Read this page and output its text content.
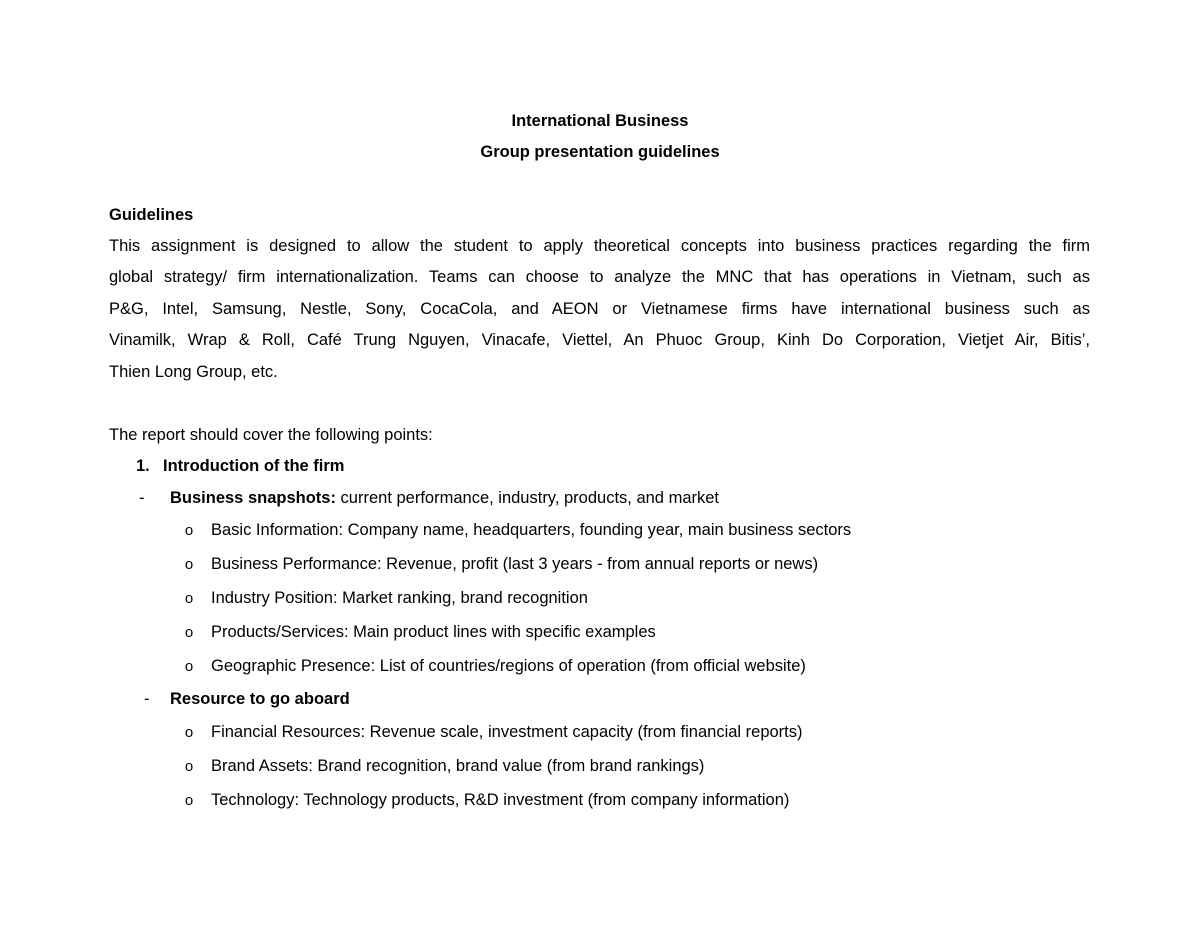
International Business
Group presentation guidelines
Guidelines
This assignment is designed to allow the student to apply theoretical concepts into business practices regarding the firm
global strategy/ firm internationalization. Teams can choose to analyze the MNC that has operations in Vietnam, such as
P&G, Intel, Samsung, Nestle, Sony, CocaCola, and AEON or Vietnamese firms have international business such as
Vinamilk, Wrap & Roll, Café Trung Nguyen, Vinacafe, Viettel, An Phuoc Group, Kinh Do Corporation, Vietjet Air, Bitis’,
Thien Long Group, etc.
The report should cover the following points:
1. Introduction of the firm
- Business snapshots: current performance, industry, products, and market
o Basic Information: Company name, headquarters, founding year, main business sectors
o Business Performance: Revenue, profit (last 3 years - from annual reports or news)
o Industry Position: Market ranking, brand recognition
o Products/Services: Main product lines with specific examples
o Geographic Presence: List of countries/regions of operation (from official website)
- Resource to go aboard
o Financial Resources: Revenue scale, investment capacity (from financial reports)
o Brand Assets: Brand recognition, brand value (from brand rankings)
o Technology: Technology products, R&D investment (from company information)
